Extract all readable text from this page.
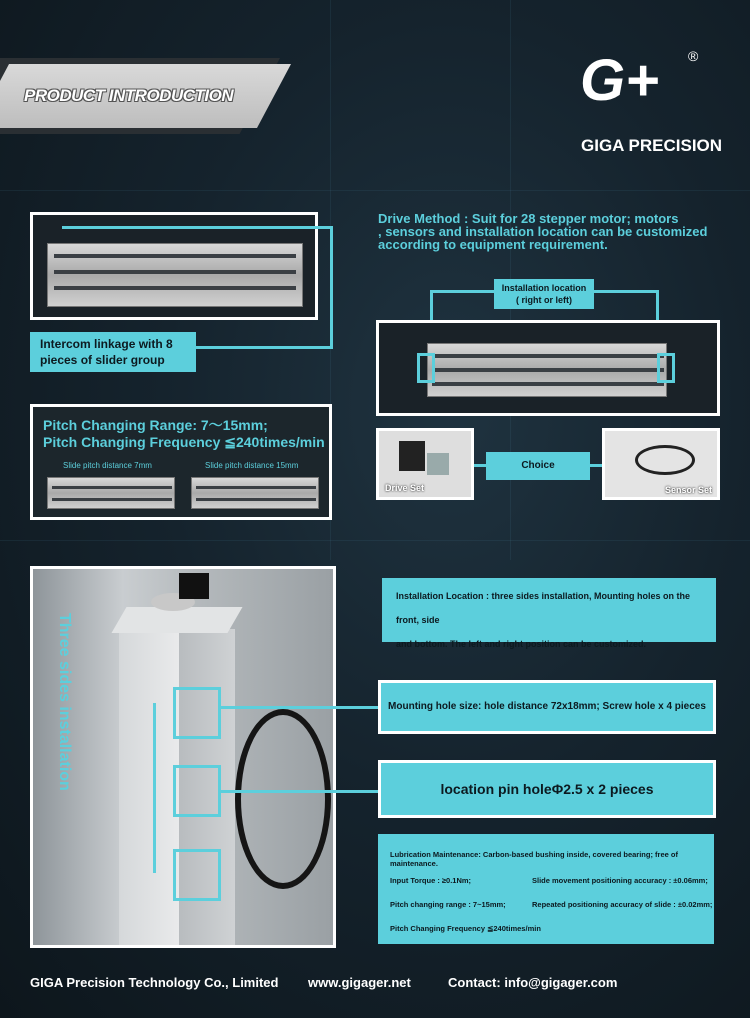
PRODUCT INTRODUCTION	G+ ®
GIGA PRECISION
Intercom linkage with 8
pieces of slider group
Pitch Changing Range: 7～15mm;
Pitch Changing Frequency ≦240times/min
Slide pitch distance 7mm	Slide pitch distance 15mm
Drive Method : Suit for 28 stepper motor; motors
, sensors and installation location can be customized
according to equipment requirement.
Installation location
( right or left)
Drive Set
Choice
Sensor Set
Three sides installation
Installation Location : three sides installation, Mounting holes on the front, side
and bottom. The left and right position can be customized.
Mounting hole size: hole distance 72x18mm; Screw hole x 4 pieces
location pin holeΦ2.5 x 2 pieces
Lubrication Maintenance: Carbon-based bushing inside, covered bearing; free of maintenance.
Input Torque : ≥0.1Nm;	Slide movement positioning accuracy : ±0.06mm;
Pitch changing range : 7~15mm;	Repeated positioning accuracy of slide : ±0.02mm;
Pitch Changing Frequency ≦240times/min
GIGA Precision Technology Co., Limited www.gigager.net	Contact: info@gigager.com
